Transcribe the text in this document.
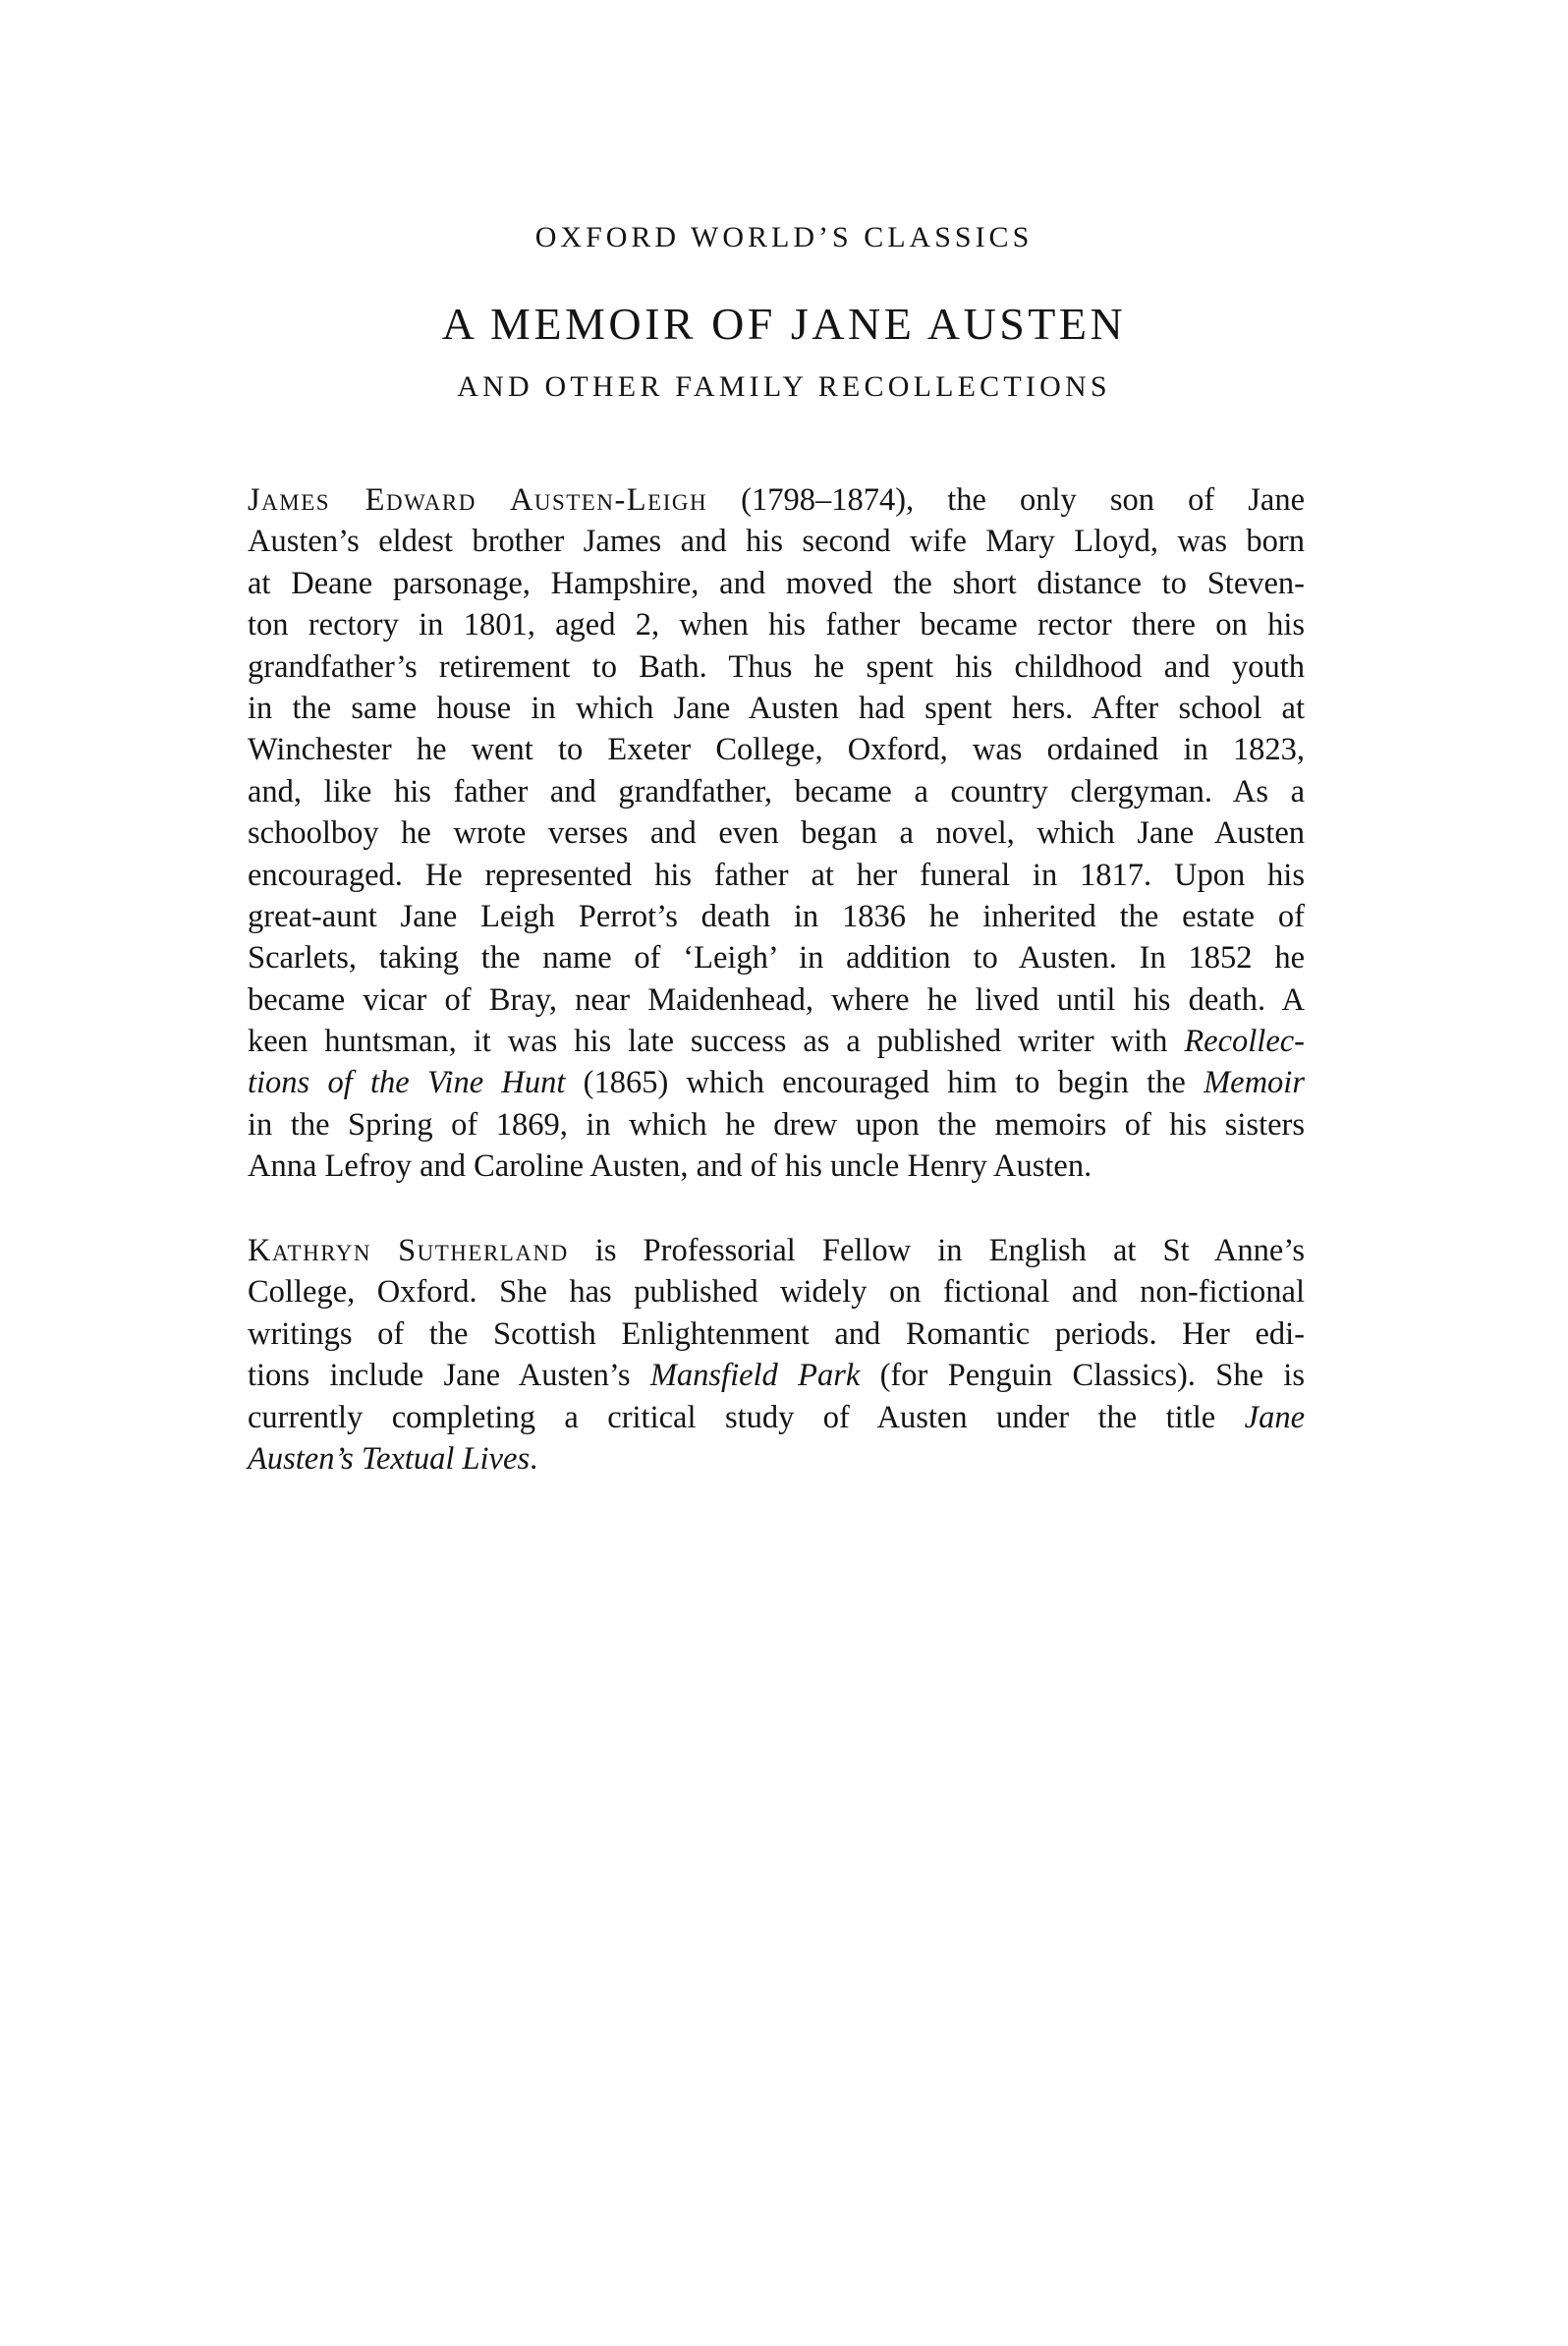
OXFORD WORLD’S CLASSICS
A MEMOIR OF JANE AUSTEN
AND OTHER FAMILY RECOLLECTIONS
James Edward Austen-Leigh (1798–1874), the only son of Jane
Austen’s eldest brother James and his second wife Mary Lloyd, was born
at Deane parsonage, Hampshire, and moved the short distance to Steven-
ton rectory in 1801, aged 2, when his father became rector there on his
grandfather’s retirement to Bath. Thus he spent his childhood and youth
in the same house in which Jane Austen had spent hers. After school at
Winchester he went to Exeter College, Oxford, was ordained in 1823,
and, like his father and grandfather, became a country clergyman. As a
schoolboy he wrote verses and even began a novel, which Jane Austen
encouraged. He represented his father at her funeral in 1817. Upon his
great-aunt Jane Leigh Perrot’s death in 1836 he inherited the estate of
Scarlets, taking the name of ‘Leigh’ in addition to Austen. In 1852 he
became vicar of Bray, near Maidenhead, where he lived until his death. A
keen huntsman, it was his late success as a published writer with Recollec-
tions of the Vine Hunt (1865) which encouraged him to begin the Memoir
in the Spring of 1869, in which he drew upon the memoirs of his sisters
Anna Lefroy and Caroline Austen, and of his uncle Henry Austen.
Kathryn Sutherland is Professorial Fellow in English at St Anne’s
College, Oxford. She has published widely on fictional and non-fictional
writings of the Scottish Enlightenment and Romantic periods. Her edi-
tions include Jane Austen’s Mansfield Park (for Penguin Classics). She is
currently completing a critical study of Austen under the title Jane
Austen’s Textual Lives.
